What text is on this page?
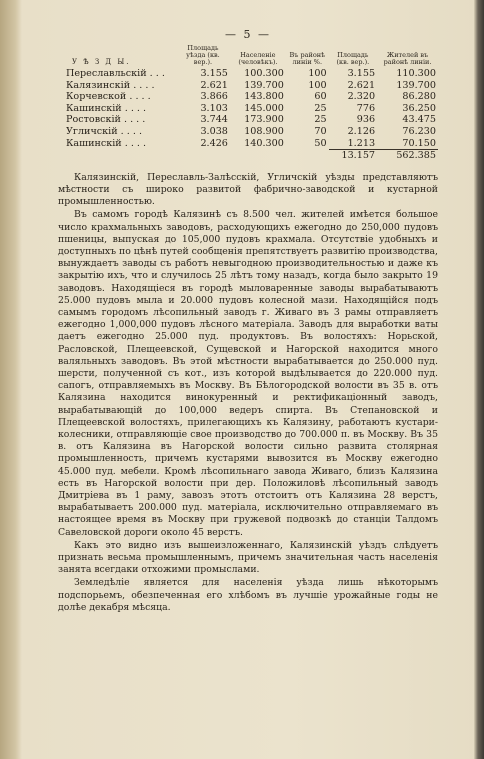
— 5 —
У Ѣ З Д Ы.	Площадь уѣзда (кв. вер.).	Населеніе (человѣкъ).	Въ районѣ линіи %.	Площадь (кв. вер.).	Жителей въ районѣ линіи.
Переславльскій . . .	3.155	100.300	100	3.155	110.300
Калязинскій . . . .	2.621	139.700	100	2.621	139.700
Корчевской . . . .	3.866	143.800	60	2.320	86.280
Кашинскій . . . .	3.103	145.000	25	776	36.250
Ростовскій . . . .	3.744	173.900	25	936	43.475
Угличскій . . . .	3.038	108.900	70	2.126	76.230
Кашинскій . . . .	2.426	140.300	50	1.213	70.150
				13.157	562.385

Калязинскій, Переславль-Залѣсскій, Угличскій уѣзды представляютъ мѣстности съ широко развитой фабрично-заводской и кустарной промышленностью.

Въ самомъ городѣ Калязинѣ съ 8.500 чел. жителей имѣется большое число крахмальныхъ заводовъ, расходующихъ ежегодно до 250,000 пудовъ пшеницы, выпуская до 105,000 пудовъ крахмала. Отсутствіе удобныхъ и доступныхъ по цѣнѣ путей сообщенія препятствуетъ развитію производства, вынуждаетъ заводы съ работъ невыгодною производительностью и даже къ закрытію ихъ, что и случилось 25 лѣтъ тому назадъ, когда было закрыто 19 заводовъ. Находящіеся въ городѣ мыловаренные заводы вырабатываютъ 25.000 пудовъ мыла и 20.000 пудовъ колесной мази. Находящійся подъ самымъ городомъ лѣсопильный заводъ г. Живаго въ 3 рамы отправляетъ ежегодно 1,000,000 пудовъ лѣсного матеріала. Заводъ для выработки ваты даетъ ежегодно 25.000 пуд. продуктовъ. Въ волостяхъ: Норьской, Расловской, Плещеевской, Сущевской и Нагорской находится много валяльныхъ заводовъ. Въ этой мѣстности вырабатывается до 250.000 пуд. шерсти, полученной съ кот., изъ которой выдѣлывается до 220.000 пуд. сапогъ, отправляемыхъ въ Москву. Въ Бѣлогородской волости въ 35 в. отъ Калязина находится винокуренный и ректификаціонный заводъ, вырабатывающій до 100,000 ведеръ спирта. Въ Степановской и Плещеевской волостяхъ, прилегающихъ къ Калязину, работаютъ кустари-колесники, отправляющіе свое производство до 700.000 п. въ Москву. Въ 35 в. отъ Калязина въ Нагорской волости сильно развита столярная промышленность, причемъ кустарями вывозится въ Москву ежегодно 45.000 пуд. мебели. Кромѣ лѣсопильнаго завода Живаго, близъ Калязина есть въ Нагорской волости при дер. Положиловѣ лѣсопильный заводъ Дмитріева въ 1 раму, завозъ этотъ отстоитъ отъ Калязина 28 верстъ, вырабатываетъ 200.000 пуд. матеріала, исключительно отправляемаго въ настоящее время въ Москву при гружевой подвозкѣ до станціи Талдомъ Савеловской дороги около 45 верстъ.

Какъ это видно изъ вышеизложеннаго, Калязинскій уѣздъ слѣдуетъ признать весьма промышленнымъ, причемъ значительная часть населенія занята всегдаки отхожими промыслами.

Земледѣліе является для населенія уѣзда лишь нѣкоторымъ подспорьемъ, обезпеченная его хлѣбомъ въ лучшіе урожайные годы не долѣе декабря мѣсяца.
